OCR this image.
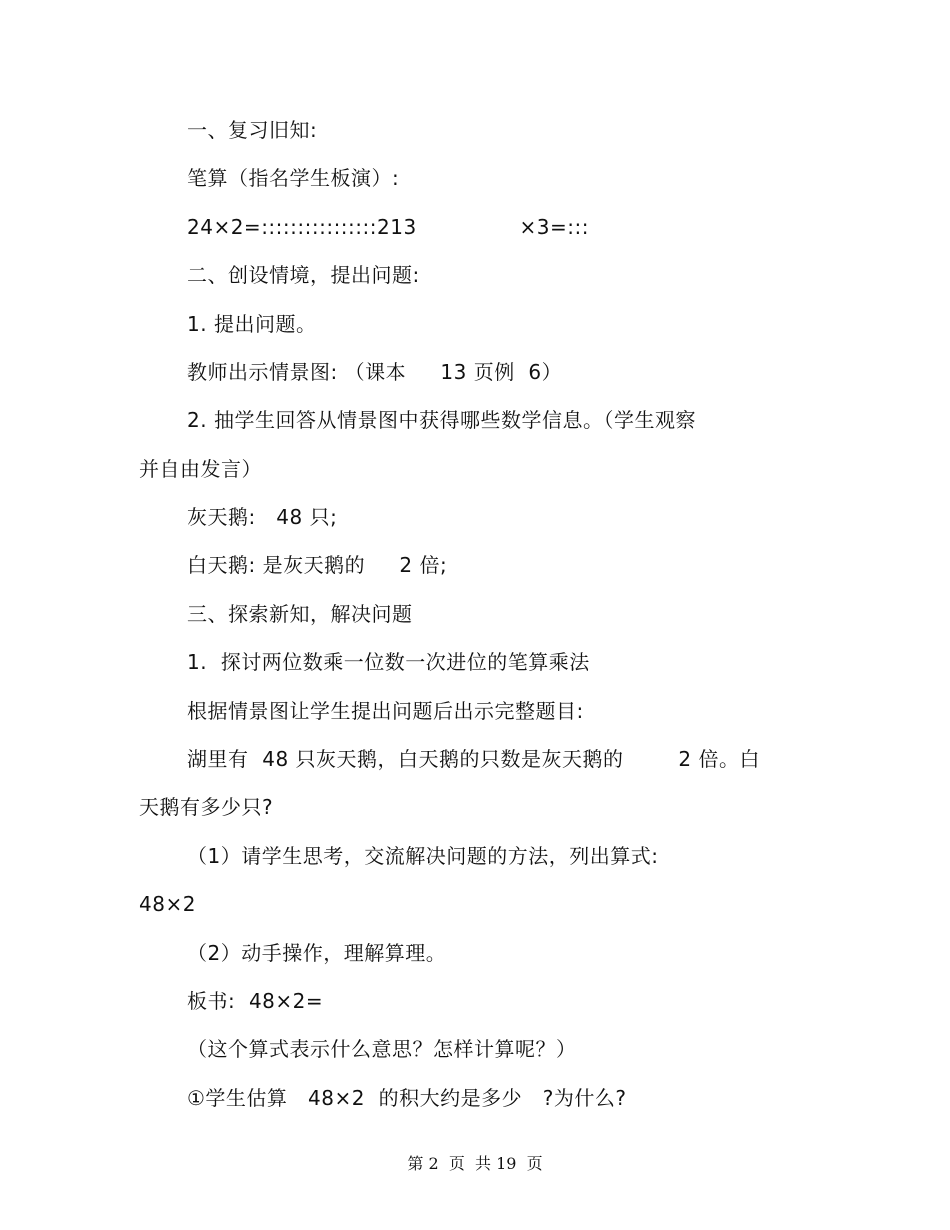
一、复习旧知:
笔算（指名学生板演）:
24×2=::::::::::::::::213               ×3=:::
二、创设情境，提出问题:
1. 提出问题。
教师出示情景图: （课本     13 页例  6）
2. 抽学生回答从情景图中获得哪些数学信息。（学生观察
并自由发言）
灰天鹅:   48 只;
白天鹅: 是灰天鹅的     2 倍;
三、探索新知，解决问题
1.  探讨两位数乘一位数一次进位的笔算乘法
根据情景图让学生提出问题后出示完整题目:
湖里有  48 只灰天鹅，白天鹅的只数是灰天鹅的        2 倍。白
天鹅有多少只?
（1）请学生思考，交流解决问题的方法，列出算式:
48×2
（2）动手操作，理解算理。
板书:  48×2=
（这个算式表示什么意思？怎样计算呢？）
①学生估算   48×2  的积大约是多少   ?为什么?
第 2  页  共 19  页
